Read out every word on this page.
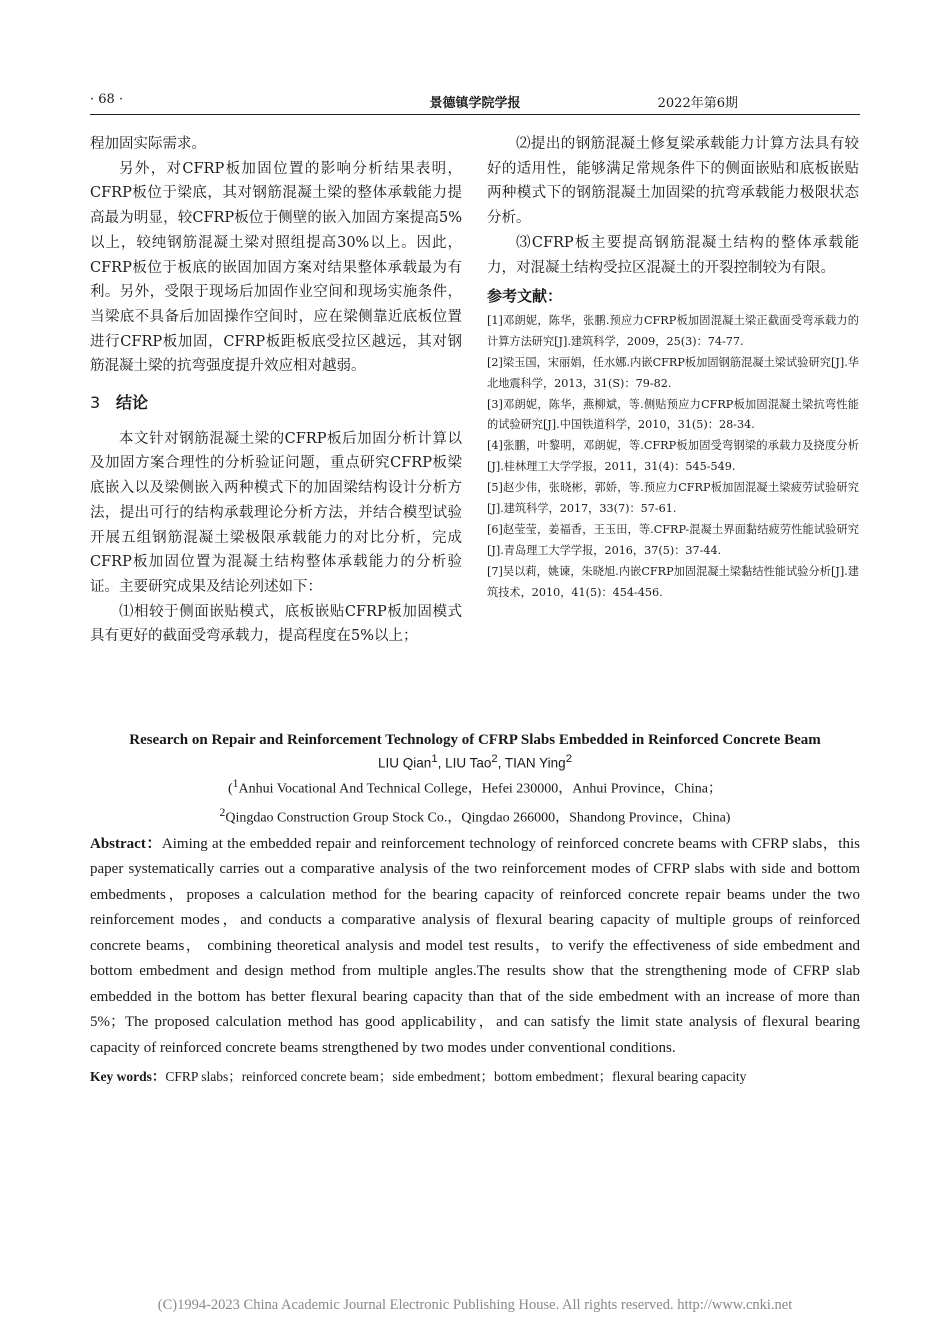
· 68 ·	景德镇学院学报	2022年第6期

程加固实际需求。

另外，对CFRP板加固位置的影响分析结果表明，CFRP板位于梁底，其对钢筋混凝土梁的整体承载能力提高最为明显，较CFRP板位于侧壁的嵌入加固方案提高5%以上，较纯钢筋混凝土梁对照组提高30%以上。因此，CFRP板位于板底的嵌固加固方案对结果整体承载最为有利。另外，受限于现场后加固作业空间和现场实施条件，当梁底不具备后加固操作空间时，应在梁侧靠近底板位置进行CFRP板加固，CFRP板距板底受拉区越远，其对钢筋混凝土梁的抗弯强度提升效应相对越弱。

3 结论

本文针对钢筋混凝土梁的CFRP板后加固分析计算以及加固方案合理性的分析验证问题，重点研究CFRP板梁底嵌入以及梁侧嵌入两种模式下的加固梁结构设计分析方法，提出可行的结构承载理论分析方法，并结合模型试验开展五组钢筋混凝土梁极限承载能力的对比分析，完成CFRP板加固位置为混凝土结构整体承载能力的分析验证。主要研究成果及结论列述如下：

⑴相较于侧面嵌贴模式，底板嵌贴CFRP板加固模式具有更好的截面受弯承载力，提高程度在5%以上；

⑵提出的钢筋混凝土修复梁承载能力计算方法具有较好的适用性，能够满足常规条件下的侧面嵌贴和底板嵌贴两种模式下的钢筋混凝土加固梁的抗弯承载能力极限状态分析。

⑶CFRP板主要提高钢筋混凝土结构的整体承载能力，对混凝土结构受拉区混凝土的开裂控制较为有限。

参考文献：

[1]邓朗妮，陈华，张鹏.预应力CFRP板加固混凝土梁正截面受弯承载力的计算方法研究[J].建筑科学，2009，25(3)：74-77.

[2]梁玉国，宋丽娟，任水娜.内嵌CFRP板加固钢筋混凝土梁试验研究[J].华北地震科学，2013，31(S)：79-82.

[3]邓朗妮，陈华，燕柳斌，等.侧贴预应力CFRP板加固混凝土梁抗弯性能的试验研究[J].中国铁道科学，2010，31(5)：28-34.

[4]张鹏，叶黎明，邓朗妮，等.CFRP板加固受弯钢梁的承载力及挠度分析[J].桂林理工大学学报，2011，31(4)：545-549.

[5]赵少伟，张晓彬，郭娇，等.预应力CFRP板加固混凝土梁疲劳试验研究[J].建筑科学，2017，33(7)：57-61.

[6]赵莹莹，姜福香，王玉田，等.CFRP-混凝土界面黏结疲劳性能试验研究[J].青岛理工大学学报，2016，37(5)：37-44.

[7]吴以莉，姚谏，朱晓旭.内嵌CFRP加固混凝土梁黏结性能试验分析[J].建筑技术，2010，41(5)：454-456.

Research on Repair and Reinforcement Technology of CFRP Slabs Embedded in Reinforced Concrete Beam

LIU Qian$^1$, LIU Tao$^2$, TIAN Ying$^2$
($^1$Anhui Vocational And Technical College，Hefei 230000，Anhui Province，China；
$^2$Qingdao Construction Group Stock Co.，Qingdao 266000，Shandong Province，China)
Abstract：Aiming at the embedded repair and reinforcement technology of reinforced concrete beams with CFRP slabs，this paper systematically carries out a comparative analysis of the two reinforcement modes of CFRP slabs with side and bottom embedments，proposes a calculation method for the bearing capacity of reinforced concrete repair beams under the two reinforcement modes，and conducts a comparative analysis of flexural bearing capacity of multiple groups of reinforced concrete beams， combining theoretical analysis and model test results，to verify the effectiveness of side embedment and bottom embedment and design method from multiple angles.The results show that the strengthening mode of CFRP slab embedded in the bottom has better flexural bearing capacity than that of the side embedment with an increase of more than 5%；The proposed calculation method has good applicability，and can satisfy the limit state analysis of flexural bearing capacity of reinforced concrete beams strengthened by two modes under conventional conditions.
Key words：CFRP slabs；reinforced concrete beam；side embedment；bottom embedment；flexural bearing capacity
(C)1994-2023 China Academic Journal Electronic Publishing House. All rights reserved. http://www.cnki.net
